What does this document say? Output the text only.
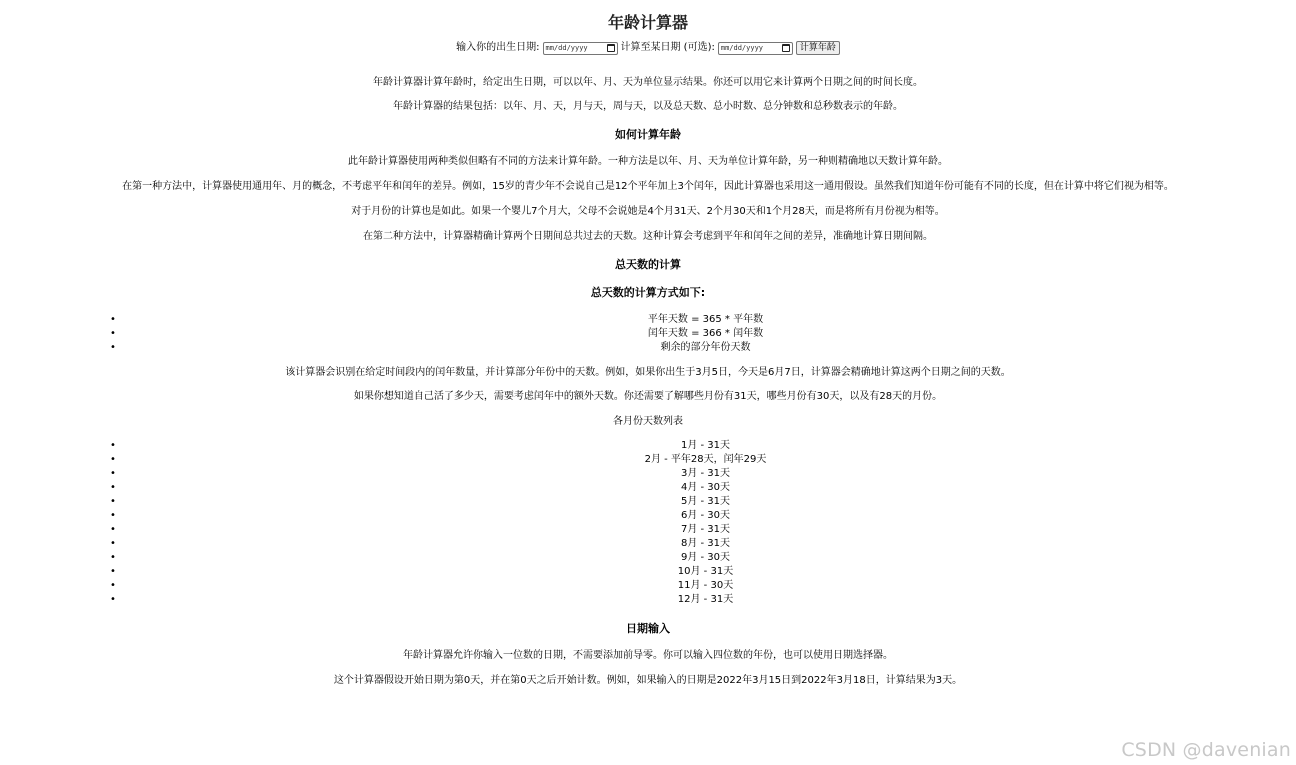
年龄计算器
输入你的出生日期: mm/dd/yyyy	计算至某日期 (可选): mm/dd/yyyy	计算年龄

年龄计算器计算年龄时，给定出生日期，可以以年、月、天为单位显示结果。你还可以用它来计算两个日期之间的时间长度。

年龄计算器的结果包括：以年、月、天，月与天，周与天，以及总天数、总小时数、总分钟数和总秒数表示的年龄。

如何计算年龄

此年龄计算器使用两种类似但略有不同的方法来计算年龄。一种方法是以年、月、天为单位计算年龄，另一种则精确地以天数计算年龄。

在第一种方法中，计算器使用通用年、月的概念，不考虑平年和闰年的差异。例如，15岁的青少年不会说自己是12个平年加上3个闰年，因此计算器也采用这一通用假设。虽然我们知道年份可能有不同的长度，但在计算中将它们视为相等。

对于月份的计算也是如此。如果一个婴儿7个月大，父母不会说她是4个月31天、2个月30天和1个月28天，而是将所有月份视为相等。

在第二种方法中，计算器精确计算两个日期间总共过去的天数。这种计算会考虑到平年和闰年之间的差异，准确地计算日期间隔。

总天数的计算
总天数的计算方式如下:
•	平年天数 = 365 * 平年数
•	闰年天数 = 366 * 闰年数
•	剩余的部分年份天数

该计算器会识别在给定时间段内的闰年数量，并计算部分年份中的天数。例如，如果你出生于3月5日，今天是6月7日，计算器会精确地计算这两个日期之间的天数。

如果你想知道自己活了多少天，需要考虑闰年中的额外天数。你还需要了解哪些月份有31天，哪些月份有30天，以及有28天的月份。

各月份天数列表

•	1月 - 31天
•	2月 - 平年28天，闰年29天
•	3月 - 31天
•	4月 - 30天
•	5月 - 31天
•	6月 - 30天
•	7月 - 31天
•	8月 - 31天
•	9月 - 30天
•	10月 - 31天
•	11月 - 30天
•	12月 - 31天
日期输入

年龄计算器允许你输入一位数的日期，不需要添加前导零。你可以输入四位数的年份，也可以使用日期选择器。

这个计算器假设开始日期为第0天，并在第0天之后开始计数。例如，如果输入的日期是2022年3月15日到2022年3月18日，计算结果为3天。

CSDN @davenian
